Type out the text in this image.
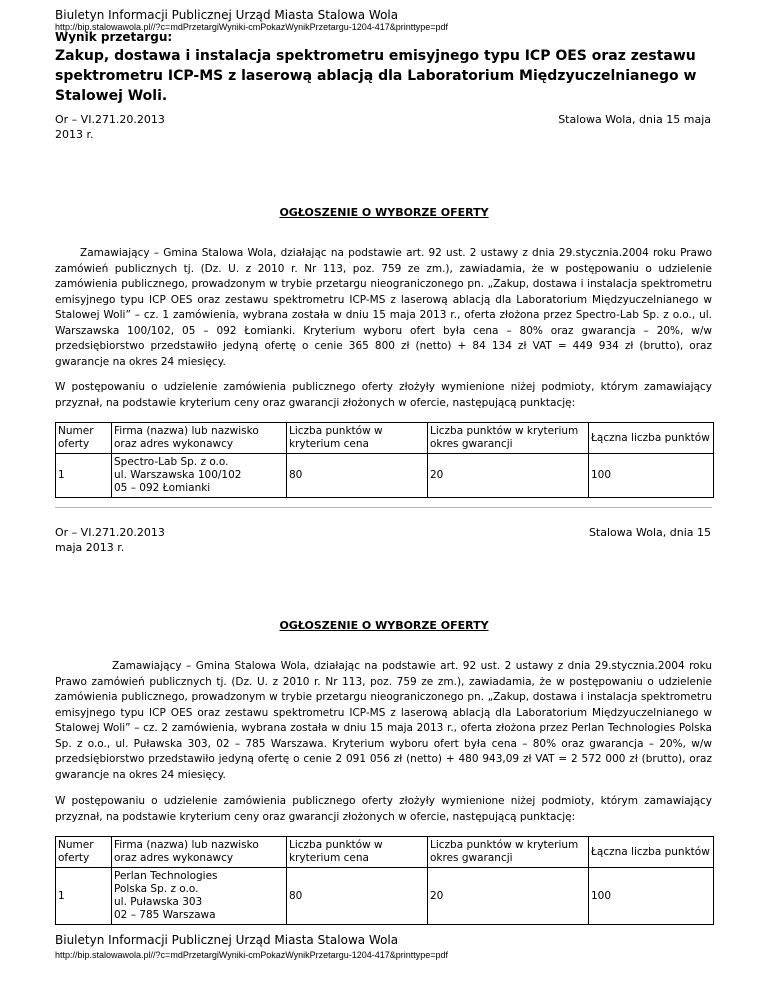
Biuletyn Informacji Publicznej Urząd Miasta Stalowa Wola
http://bip.stalowawola.pl//?c=mdPrzetargiWyniki-cmPokazWynikPrzetargu-1204-417&printtype=pdf
Wynik przetargu:
Zakup, dostawa i instalacja spektrometru emisyjnego typu ICP OES oraz zestawu spektrometru ICP-MS z laserową ablacją dla Laboratorium Międzyuczelnianego w Stalowej Woli.
Or – VI.271.20.2013
2013 r.
Stalowa Wola, dnia 15 maja
OGŁOSZENIE O WYBORZE OFERTY
Zamawiający – Gmina Stalowa Wola, działając na podstawie art. 92 ust. 2 ustawy z dnia 29.stycznia.2004 roku Prawo zamówień publicznych tj. (Dz. U. z 2010 r. Nr 113, poz. 759 ze zm.), zawiadamia, że w postępowaniu o udzielenie zamówienia publicznego, prowadzonym w trybie przetargu nieograniczonego pn. „Zakup, dostawa i instalacja spektrometru emisyjnego typu ICP OES oraz zestawu spektrometru ICP-MS z laserową ablacją dla Laboratorium Międzyuczelnianego w Stalowej Woli” – cz. 1 zamówienia, wybrana została w dniu 15 maja 2013 r., oferta złożona przez Spectro-Lab Sp. z o.o., ul. Warszawska 100/102, 05 – 092 Łomianki. Kryterium wyboru ofert była cena – 80% oraz gwarancja – 20%, w/w przedsiębiorstwo przedstawiło jedyną ofertę o cenie 365 800 zł (netto) + 84 134 zł VAT = 449 934 zł (brutto), oraz gwarancje na okres 24 miesięcy.
W postępowaniu o udzielenie zamówienia publicznego oferty złożyły wymienione niżej podmioty, którym zamawiający przyznał, na podstawie kryterium ceny oraz gwarancji złożonych w ofercie, następującą punktację:
Numer oferty	Firma (nazwa) lub nazwisko oraz adres wykonawcy	Liczba punktów w kryterium cena	Liczba punktów w kryterium okres gwarancji	Łączna liczba punktów
1	Spectro-Lab Sp. z o.o.
ul. Warszawska 100/102
05 – 092 Łomianki	80	20	100
Or – VI.271.20.2013
maja 2013 r.
Stalowa Wola, dnia 15
OGŁOSZENIE O WYBORZE OFERTY
Zamawiający – Gmina Stalowa Wola, działając na podstawie art. 92 ust. 2 ustawy z dnia 29.stycznia.2004 roku Prawo zamówień publicznych tj. (Dz. U. z 2010 r. Nr 113, poz. 759 ze zm.), zawiadamia, że w postępowaniu o udzielenie zamówienia publicznego, prowadzonym w trybie przetargu nieograniczonego pn. „Zakup, dostawa i instalacja spektrometru emisyjnego typu ICP OES oraz zestawu spektrometru ICP-MS z laserową ablacją dla Laboratorium Międzyuczelnianego w Stalowej Woli” – cz. 2 zamówienia, wybrana została w dniu 15 maja 2013 r., oferta złożona przez Perlan Technologies Polska Sp. z o.o., ul. Puławska 303, 02 – 785 Warszawa. Kryterium wyboru ofert była cena – 80% oraz gwarancja – 20%, w/w przedsiębiorstwo przedstawiło jedyną ofertę o cenie 2 091 056 zł (netto) + 480 943,09 zł VAT = 2 572 000 zł (brutto), oraz gwarancje na okres 24 miesięcy.
W postępowaniu o udzielenie zamówienia publicznego oferty złożyły wymienione niżej podmioty, którym zamawiający przyznał, na podstawie kryterium ceny oraz gwarancji złożonych w ofercie, następującą punktację:
Numer oferty	Firma (nazwa) lub nazwisko oraz adres wykonawcy	Liczba punktów w kryterium cena	Liczba punktów w kryterium okres gwarancji	Łączna liczba punktów
1	Perlan Technologies
Polska Sp. z o.o.
ul. Puławska 303
02 – 785 Warszawa	80	20	100
Biuletyn Informacji Publicznej Urząd Miasta Stalowa Wola
http://bip.stalowawola.pl//?c=mdPrzetargiWyniki-cmPokazWynikPrzetargu-1204-417&printtype=pdf
